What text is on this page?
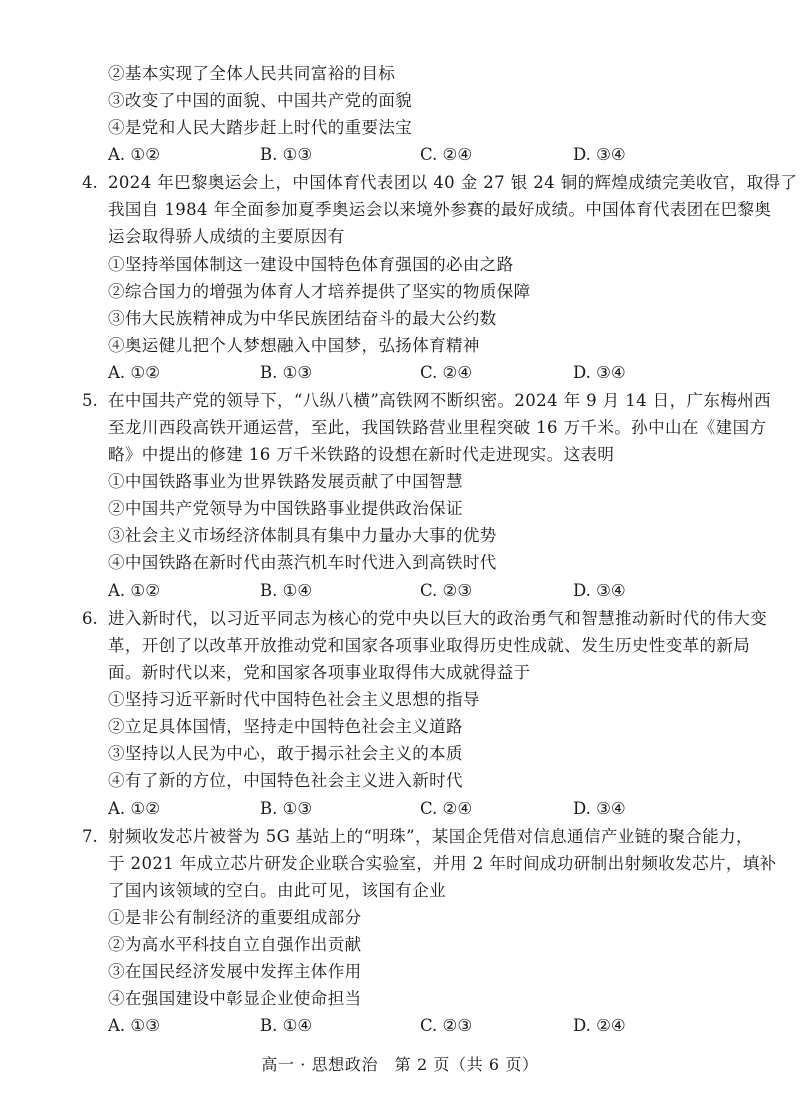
②基本实现了全体人民共同富裕的目标
③改变了中国的面貌、中国共产党的面貌
④是党和人民大踏步赶上时代的重要法宝
A. ①②	B. ①③	C. ②④	D. ③④
4. 2024 年巴黎奥运会上，中国体育代表团以 40 金 27 银 24 铜的辉煌成绩完美收官，取得了
我国自 1984 年全面参加夏季奥运会以来境外参赛的最好成绩。中国体育代表团在巴黎奥
运会取得骄人成绩的主要原因有
①坚持举国体制这一建设中国特色体育强国的必由之路
②综合国力的增强为体育人才培养提供了坚实的物质保障
③伟大民族精神成为中华民族团结奋斗的最大公约数
④奥运健儿把个人梦想融入中国梦，弘扬体育精神
A. ①②	B. ①③	C. ②④	D. ③④
5. 在中国共产党的领导下，“八纵八横”高铁网不断织密。2024 年 9 月 14 日，广东梅州西
至龙川西段高铁开通运营，至此，我国铁路营业里程突破 16 万千米。孙中山在《建国方
略》中提出的修建 16 万千米铁路的设想在新时代走进现实。这表明
①中国铁路事业为世界铁路发展贡献了中国智慧
②中国共产党领导为中国铁路事业提供政治保证
③社会主义市场经济体制具有集中力量办大事的优势
④中国铁路在新时代由蒸汽机车时代进入到高铁时代
A. ①②	B. ①④	C. ②③	D. ③④
6. 进入新时代，以习近平同志为核心的党中央以巨大的政治勇气和智慧推动新时代的伟大变
革，开创了以改革开放推动党和国家各项事业取得历史性成就、发生历史性变革的新局
面。新时代以来，党和国家各项事业取得伟大成就得益于
①坚持习近平新时代中国特色社会主义思想的指导
②立足具体国情，坚持走中国特色社会主义道路
③坚持以人民为中心，敢于揭示社会主义的本质
④有了新的方位，中国特色社会主义进入新时代
A. ①②	B. ①③	C. ②④	D. ③④
7. 射频收发芯片被誉为 5G 基站上的“明珠”，某国企凭借对信息通信产业链的聚合能力，
于 2021 年成立芯片研发企业联合实验室，并用 2 年时间成功研制出射频收发芯片，填补
了国内该领域的空白。由此可见，该国有企业
①是非公有制经济的重要组成部分
②为高水平科技自立自强作出贡献
③在国民经济发展中发挥主体作用
④在强国建设中彰显企业使命担当
A. ①③	B. ①④	C. ②③	D. ②④
高一 · 思想政治　第 2 页（共 6 页）
